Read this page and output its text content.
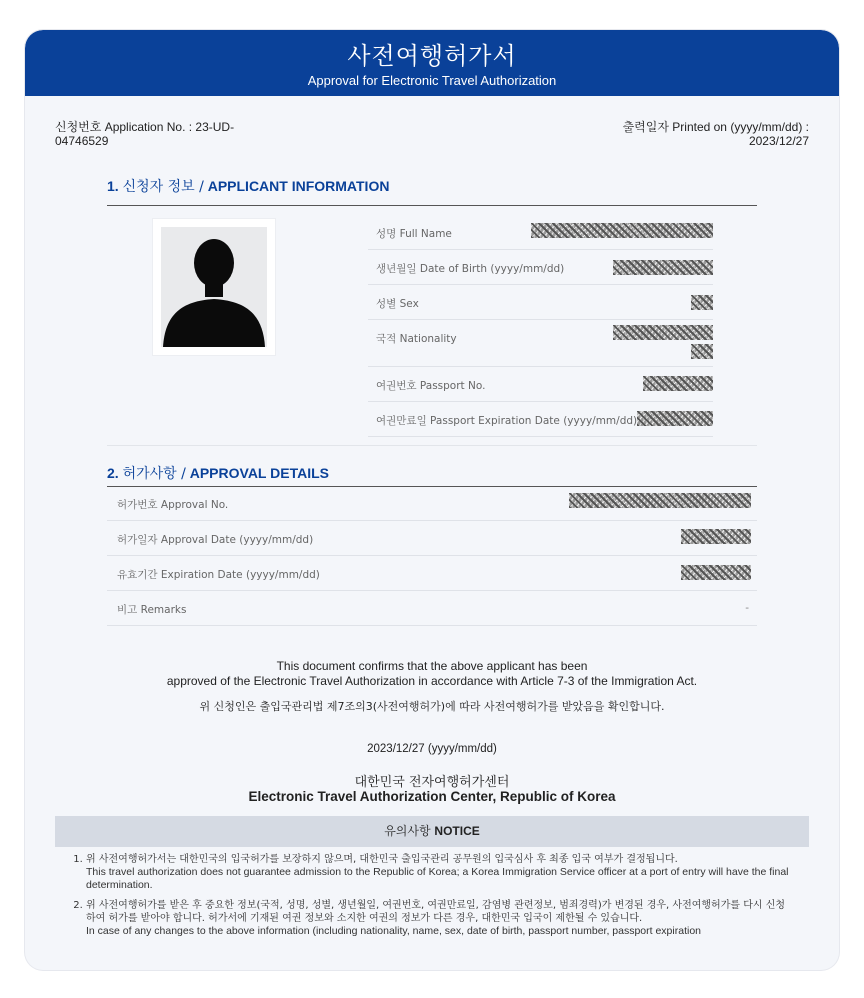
사전여행허가서
Approval for Electronic Travel Authorization
신청번호 Application No. : 23-UD-04746529
출력일자 Printed on (yyyy/mm/dd) :
2023/12/27
1. 신청자 정보 / APPLICANT INFORMATION
성명 Full Name
생년월일 Date of Birth (yyyy/mm/dd)
성별 Sex
국적 Nationality
여권번호 Passport No.
여권만료일 Passport Expiration Date (yyyy/mm/dd)
2. 허가사항 / APPROVAL DETAILS
허가번호 Approval No.
허가일자 Approval Date (yyyy/mm/dd)
유효기간 Expiration Date (yyyy/mm/dd)
비고 Remarks	-
This document confirms that the above applicant has been
approved of the Electronic Travel Authorization in accordance with Article 7-3 of the Immigration Act.
위 신청인은 출입국관리법 제7조의3(사전여행허가)에 따라 사전여행허가를 받았음을 확인합니다.
2023/12/27 (yyyy/mm/dd)
대한민국 전자여행허가센터
Electronic Travel Authorization Center, Republic of Korea
유의사항 NOTICE
1. 위 사전여행허가서는 대한민국의 입국허가를 보장하지 않으며, 대한민국 출입국관리 공무원의 입국심사 후 최종 입국 여부가 결정됩니다.
This travel authorization does not guarantee admission to the Republic of Korea; a Korea Immigration Service officer at a port of entry will have the final determination.
2. 위 사전여행허가를 받은 후 중요한 정보(국적, 성명, 성별, 생년월일, 여권번호, 여권만료일, 감염병 관련정보, 범죄경력)가 변경된 경우, 사전여행허가를 다시 신청하여 허가를 받아야 합니다. 허가서에 기재된 여권 정보와 소지한 여권의 정보가 다른 경우, 대한민국 입국이 제한될 수 있습니다.
In case of any changes to the above information (including nationality, name, sex, date of birth, passport number, passport expiration
